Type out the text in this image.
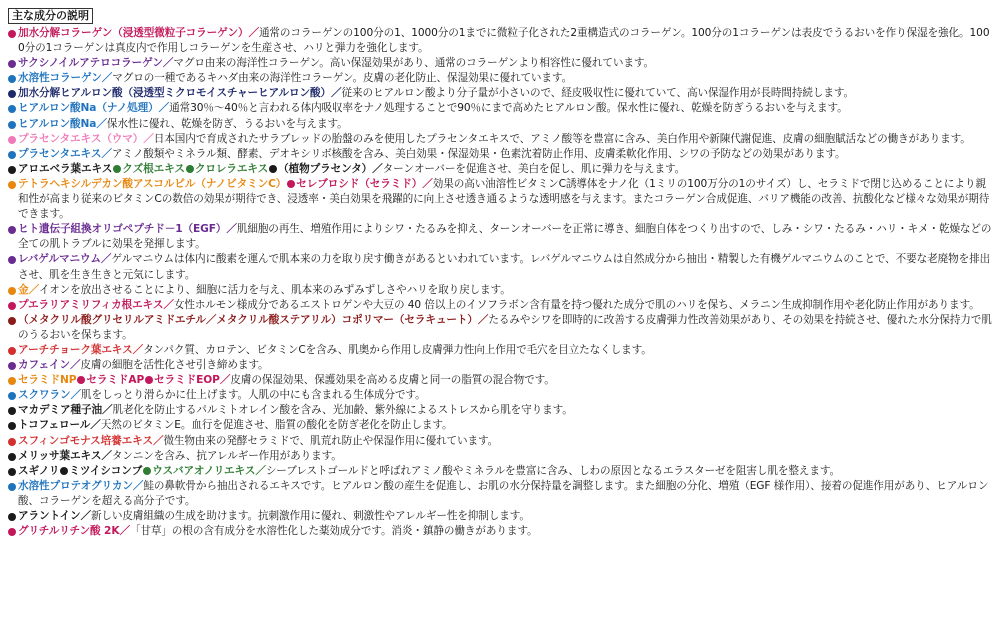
主な成分の説明
加水分解コラーゲン（浸透型微粒子コラーゲン）／通常のコラーゲンの100分の1、1000分の1までに微粒子化された2重構造式のコラーゲン。100分の1コラーゲンは表皮でうるおいを作り保湿を強化。1000分の1コラーゲンは真皮内で作用しコラーゲンを生産させ、ハリと弾力を強化します。
サクシノイルアテロコラーゲン／マグロ由来の海洋性コラーゲン。高い保湿効果があり、通常のコラーゲンより相容性に優れています。
水溶性コラーゲン／マグロの一種であるキハダ由来の海洋性コラーゲン。皮膚の老化防止、保湿効果に優れています。
加水分解ヒアルロン酸（浸透型ミクロモイスチャーヒアルロン酸）／従来のヒアルロン酸より分子量が小さいので、経皮吸収性に優れていて、高い保湿作用が長時間持続します。
ヒアルロン酸Na（ナノ処理）／通常30％～40％と言われる体内吸収率をナノ処理することで90％にまで高めたヒアルロン酸。保水性に優れ、乾燥を防ぎうるおいを与えます。
ヒアルロン酸Na／保水性に優れ、乾燥を防ぎ、うるおいを与えます。
プラセンタエキス（ウマ）／日本国内で育成されたサラブレッドの胎盤のみを使用したプラセンタエキスで、アミノ酸等を豊富に含み、美白作用や新陳代謝促進、皮膚の細胞賦活などの働きがあります。
プラセンタエキス／アミノ酸類やミネラル類、酵素、デオキシリボ核酸を含み、美白効果・保湿効果・色素沈着防止作用、皮膚柔軟化作用、シワの予防などの効果があります。
アロエベラ葉エキス クズ根エキス クロレラエキス （植物プラセンタ）／ターンオーバーを促進させ、美白を促し、肌に弾力を与えます。
テトラヘキシルデカン酸アスコルビル（ナノビタミンC） セレブロシド（セラミド）／効果の高い油溶性ビタミンC誘導体をナノ化（1ミリの100万分の1のサイズ）し、セラミドで閉じ込めることにより親和性が高まり従来のビタミンCの数倍の効果が期待でき、浸透率・美白効果を飛躍的に向上させ透き通るような透明感を与えます。またコラーゲン合成促進、バリア機能の改善、抗酸化など様々な効果が期待できます。
ヒト遺伝子組換オリゴペプチド－1（EGF）／肌細胞の再生、増殖作用によりシワ・たるみを抑え、ターンオーバーを正常に導き、細胞自体をつくり出すので、しみ・シワ・たるみ・ハリ・キメ・乾燥などの全ての肌トラブルに効果を発揮します。
レバゲルマニウム／ゲルマニウムは体内に酸素を運んで肌本来の力を取り戻す働きがあるといわれています。レバゲルマニウムは自然成分から抽出・精製した有機ゲルマニウムのことで、不要な老廃物を排出させ、肌を生き生きと元気にします。
金／イオンを放出させることにより、細胞に活力を与え、肌本来のみずみずしさやハリを取り戻します。
プエラリアミリフィカ根エキス／女性ホルモン様成分であるエストロゲンや大豆の 40 倍以上のイソフラボン含有量を持つ優れた成分で肌のハリを保ち、メラニン生成抑制作用や老化防止作用があります。
（メタクリル酸グリセリルアミドエチル／メタクリル酸ステアリル）コポリマー（セラキュート）／たるみやシワを即時的に改善する皮膚弾力性改善効果があり、その効果を持続させ、優れた水分保持力で肌のうるおいを保ちます。
アーチチョーク葉エキス／タンパク質、カロテン、ビタミンCを含み、肌奥から作用し皮膚弾力性向上作用で毛穴を目立たなくします。
カフェイン／皮膚の細胞を活性化させ引き締めます。
セラミドNP セラミドAP セラミドEOP／皮膚の保湿効果、保護効果を高める皮膚と同一の脂質の混合物です。
スクワラン／肌をしっとり滑らかに仕上げます。人肌の中にも含まれる生体成分です。
マカデミア種子油／肌老化を防止するパルミトオレイン酸を含み、光加齢、紫外線によるストレスから肌を守ります。
トコフェロール／天然のビタミンE。血行を促進させ、脂質の酸化を防ぎ老化を防止します。
スフィンゴモナス培養エキス／微生物由来の発酵セラミドで、肌荒れ防止や保湿作用に優れています。
メリッサ葉エキス／タンニンを含み、抗アレルギー作用があります。
スギノリ ミツイシコンブ ウスバアオノリエキス／シーブレストゴールドと呼ばれアミノ酸やミネラルを豊富に含み、しわの原因となるエラスターゼを阻害し肌を整えます。
水溶性プロテオグリカン／鮭の鼻軟骨から抽出されるエキスです。ヒアルロン酸の産生を促進し、お肌の水分保持量を調整します。また細胞の分化、増殖（EGF 様作用）、接着の促進作用があり、ヒアルロン酸、コラーゲンを超える高分子です。
アラントイン／新しい皮膚組織の生成を助けます。抗刺激作用に優れ、刺激性やアレルギー性を抑制します。
グリチルリチン酸 2K／「甘草」の根の含有成分を水溶性化した薬効成分です。消炎・鎮静の働きがあります。
